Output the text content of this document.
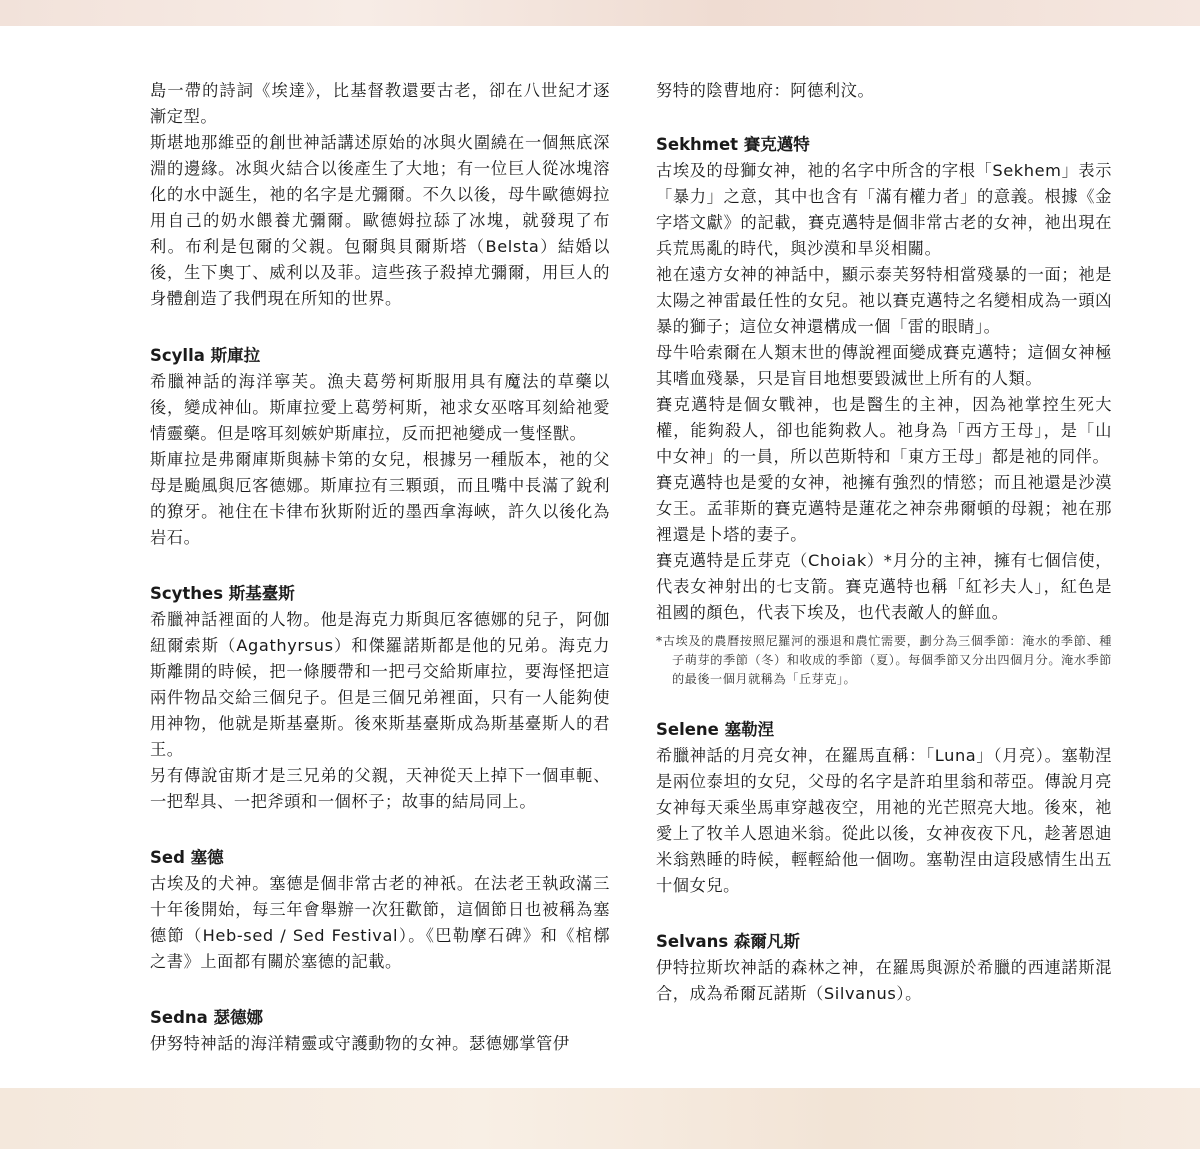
島一帶的詩詞《埃達》，比基督教還要古老，卻在八世紀才逐漸定型。

斯堪地那維亞的創世神話講述原始的冰與火圍繞在一個無底深淵的邊緣。冰與火結合以後產生了大地；有一位巨人從冰塊溶化的水中誕生，祂的名字是尤彌爾。不久以後，母牛歐德姆拉用自己的奶水餵養尤彌爾。歐德姆拉舔了冰塊，就發現了布利。布利是包爾的父親。包爾與貝爾斯塔（Belsta）結婚以後，生下奧丁、威利以及菲。這些孩子殺掉尤彌爾，用巨人的身體創造了我們現在所知的世界。

Scylla 斯庫拉

希臘神話的海洋寧芙。漁夫葛勞柯斯服用具有魔法的草藥以後，變成神仙。斯庫拉愛上葛勞柯斯，祂求女巫喀耳刻給祂愛情靈藥。但是喀耳刻嫉妒斯庫拉，反而把祂變成一隻怪獸。

斯庫拉是弗爾庫斯與赫卡第的女兒，根據另一種版本，祂的父母是颱風與厄客德娜。斯庫拉有三顆頭，而且嘴中長滿了銳利的獠牙。祂住在卡律布狄斯附近的墨西拿海峽，許久以後化為岩石。

Scythes 斯基臺斯

希臘神話裡面的人物。他是海克力斯與厄客德娜的兒子，阿伽紐爾索斯（Agathyrsus）和傑羅諾斯都是他的兄弟。海克力斯離開的時候，把一條腰帶和一把弓交給斯庫拉，要海怪把這兩件物品交給三個兒子。但是三個兄弟裡面，只有一人能夠使用神物，他就是斯基臺斯。後來斯基臺斯成為斯基臺斯人的君王。

另有傳說宙斯才是三兄弟的父親，天神從天上掉下一個車軛、一把犁具、一把斧頭和一個杯子；故事的結局同上。

Sed 塞德

古埃及的犬神。塞德是個非常古老的神祇。在法老王執政滿三十年後開始，每三年會舉辦一次狂歡節，這個節日也被稱為塞德節（Heb-sed / Sed Festival）。《巴勒摩石碑》和《棺槨之書》上面都有關於塞德的記載。

Sedna 瑟德娜

伊努特神話的海洋精靈或守護動物的女神。瑟德娜掌管伊

努特的陰曹地府：阿德利汶。

Sekhmet 賽克邁特

古埃及的母獅女神，祂的名字中所含的字根「Sekhem」表示「暴力」之意，其中也含有「滿有權力者」的意義。根據《金字塔文獻》的記載，賽克邁特是個非常古老的女神，祂出現在兵荒馬亂的時代，與沙漠和旱災相關。

祂在遠方女神的神話中，顯示泰芙努特相當殘暴的一面；祂是太陽之神雷最任性的女兒。祂以賽克邁特之名變相成為一頭凶暴的獅子；這位女神還構成一個「雷的眼睛」。

母牛哈索爾在人類末世的傳說裡面變成賽克邁特；這個女神極其嗜血殘暴，只是盲目地想要毀滅世上所有的人類。

賽克邁特是個女戰神，也是醫生的主神，因為祂掌控生死大權，能夠殺人，卻也能夠救人。祂身為「西方王母」，是「山中女神」的一員，所以芭斯特和「東方王母」都是祂的同伴。

賽克邁特也是愛的女神，祂擁有強烈的情慾；而且祂還是沙漠女王。孟菲斯的賽克邁特是蓮花之神奈弗爾頓的母親；祂在那裡還是卜塔的妻子。

賽克邁特是丘芽克（Choiak）*月分的主神，擁有七個信使，代表女神射出的七支箭。賽克邁特也稱「紅衫夫人」，紅色是祖國的顏色，代表下埃及，也代表敵人的鮮血。

*古埃及的農曆按照尼羅河的漲退和農忙需要，劃分為三個季節：淹水的季節、種子萌芽的季節（冬）和收成的季節（夏）。每個季節又分出四個月分。淹水季節的最後一個月就稱為「丘芽克」。

Selene 塞勒涅

希臘神話的月亮女神，在羅馬直稱：「Luna」（月亮）。塞勒涅是兩位泰坦的女兒，父母的名字是許珀里翁和蒂亞。傳說月亮女神每天乘坐馬車穿越夜空，用祂的光芒照亮大地。後來，祂愛上了牧羊人恩迪米翁。從此以後，女神夜夜下凡，趁著恩迪米翁熟睡的時候，輕輕給他一個吻。塞勒涅由這段感情生出五十個女兒。

Selvans 森爾凡斯

伊特拉斯坎神話的森林之神，在羅馬與源於希臘的西連諾斯混合，成為希爾瓦諾斯（Silvanus）。
